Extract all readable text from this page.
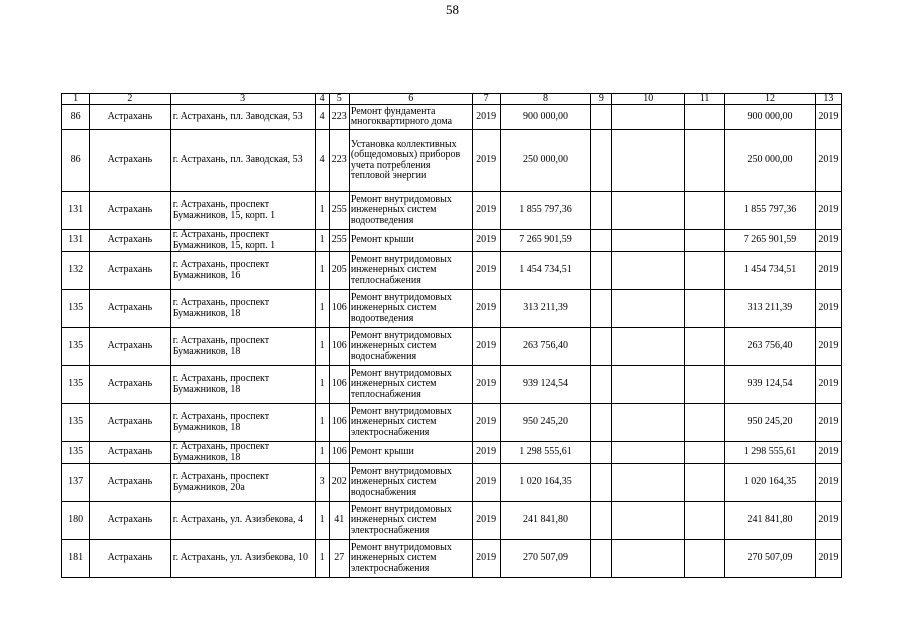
58
1	2	3	4	5	6	7	8	9	10	11	12	13
86	Астрахань	г. Астрахань, пл. Заводская, 53	4	223	Ремонт фундамента многоквартирного дома	2019	900 000,00				900 000,00	2019
86	Астрахань	г. Астрахань, пл. Заводская, 53	4	223	Установка коллективных (общедомовых) приборов учета потребления тепловой энергии	2019	250 000,00				250 000,00	2019
131	Астрахань	г. Астрахань, проспект Бумажников, 15, корп. 1	1	255	Ремонт внутридомовых инженерных систем водоотведения	2019	1 855 797,36				1 855 797,36	2019
131	Астрахань	г. Астрахань, проспект Бумажников, 15, корп. 1	1	255	Ремонт крыши	2019	7 265 901,59				7 265 901,59	2019
132	Астрахань	г. Астрахань, проспект Бумажников, 16	1	205	Ремонт внутридомовых инженерных систем теплоснабжения	2019	1 454 734,51				1 454 734,51	2019
135	Астрахань	г. Астрахань, проспект Бумажников, 18	1	106	Ремонт внутридомовых инженерных систем водоотведения	2019	313 211,39				313 211,39	2019
135	Астрахань	г. Астрахань, проспект Бумажников, 18	1	106	Ремонт внутридомовых инженерных систем водоснабжения	2019	263 756,40				263 756,40	2019
135	Астрахань	г. Астрахань, проспект Бумажников, 18	1	106	Ремонт внутридомовых инженерных систем теплоснабжения	2019	939 124,54				939 124,54	2019
135	Астрахань	г. Астрахань, проспект Бумажников, 18	1	106	Ремонт внутридомовых инженерных систем электроснабжения	2019	950 245,20				950 245,20	2019
135	Астрахань	г. Астрахань, проспект Бумажников, 18	1	106	Ремонт крыши	2019	1 298 555,61				1 298 555,61	2019
137	Астрахань	г. Астрахань, проспект Бумажников, 20а	3	202	Ремонт внутридомовых инженерных систем водоснабжения	2019	1 020 164,35				1 020 164,35	2019
180	Астрахань	г. Астрахань, ул. Азизбекова, 4	1	41	Ремонт внутридомовых инженерных систем электроснабжения	2019	241 841,80				241 841,80	2019
181	Астрахань	г. Астрахань, ул. Азизбекова, 10	1	27	Ремонт внутридомовых инженерных систем электроснабжения	2019	270 507,09				270 507,09	2019
